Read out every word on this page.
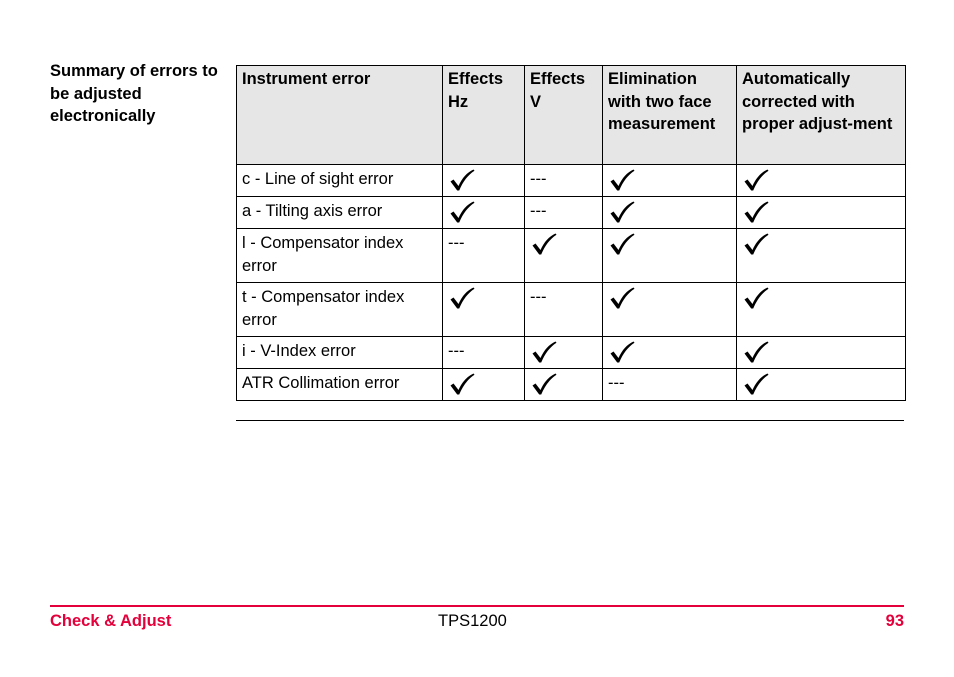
Summary of errors to be adjusted electronically
Instrument error	Effects Hz	Effects V	Elimination with two face measurement	Automatically corrected with proper adjust-ment
c - Line of sight error		---	

a - Tilting axis error		---	

l - Compensator index error	---	

t - Compensator index error		---	

i - V-Index error	---	

ATR Collimation error			---	
Check & Adjust	TPS1200	93
